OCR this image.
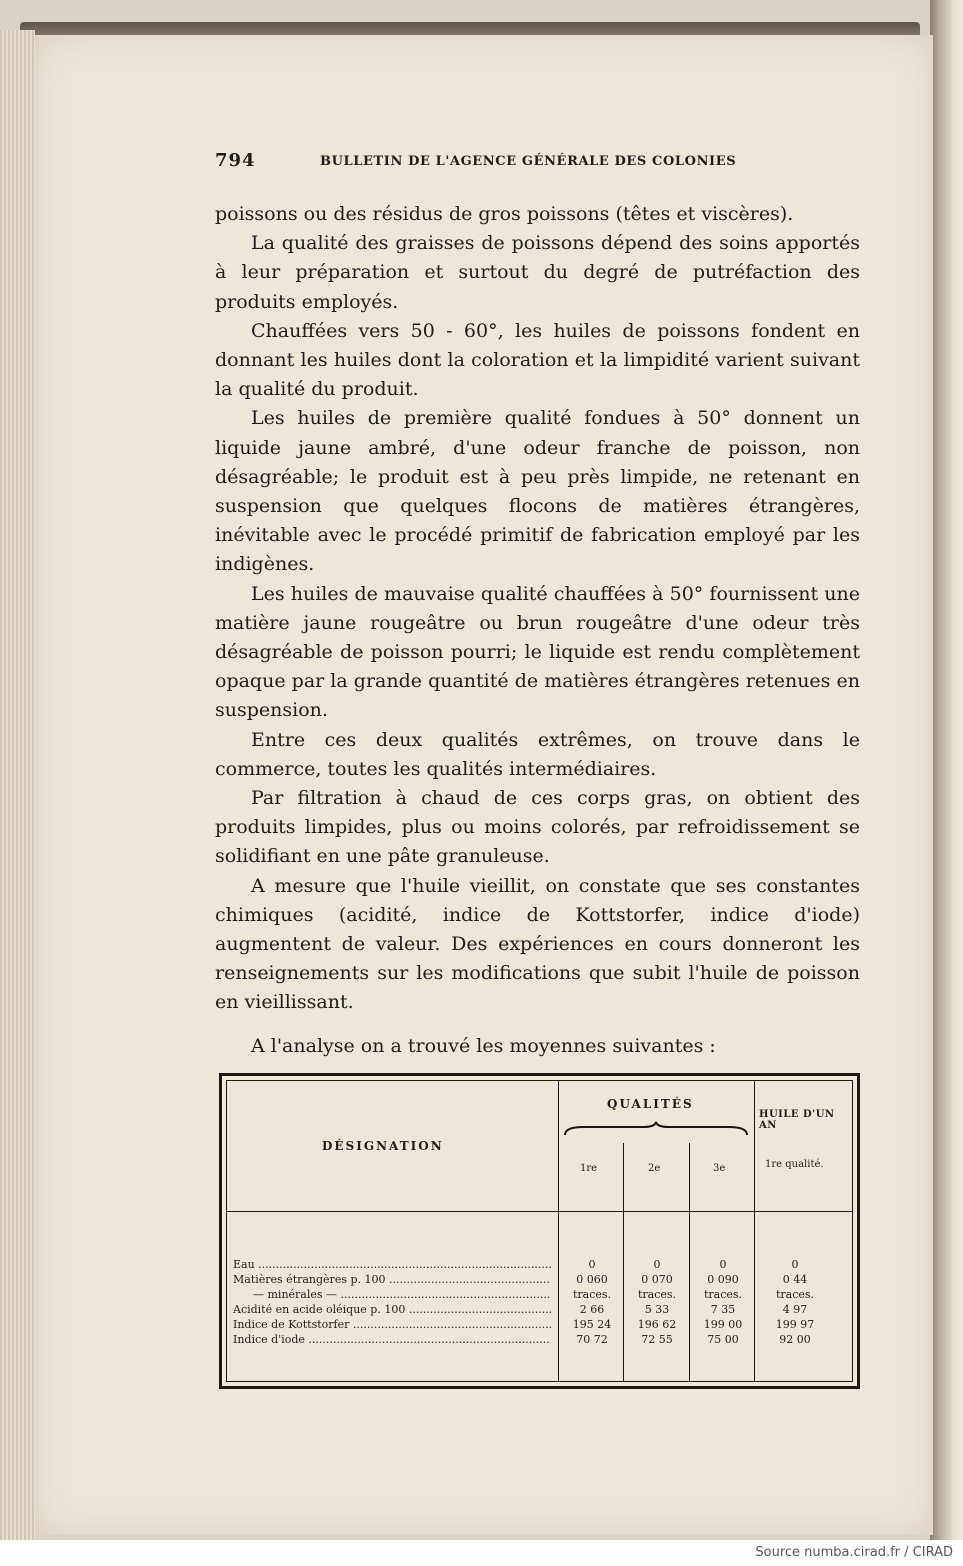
794	BULLETIN DE L'AGENCE GÉNÉRALE DES COLONIES

poissons ou des résidus de gros poissons (têtes et viscères).

La qualité des graisses de poissons dépend des soins apportés à leur préparation et surtout du degré de putréfaction des produits employés.

Chauffées vers 50 - 60°, les huiles de poissons fondent en donnant les huiles dont la coloration et la limpidité varient suivant la qualité du produit.

Les huiles de première qualité fondues à 50° donnent un liquide jaune ambré, d'une odeur franche de poisson, non désagréable; le produit est à peu près limpide, ne retenant en suspension que quelques flocons de matières étrangères, inévitable avec le procédé primitif de fabrication employé par les indigènes.

Les huiles de mauvaise qualité chauffées à 50° fournissent une matière jaune rougeâtre ou brun rougeâtre d'une odeur très désagréable de poisson pourri; le liquide est rendu complètement opaque par la grande quantité de matières étrangères retenues en suspension.

Entre ces deux qualités extrêmes, on trouve dans le commerce, toutes les qualités intermédiaires.

Par filtration à chaud de ces corps gras, on obtient des produits limpides, plus ou moins colorés, par refroidissement se solidifiant en une pâte granuleuse.

A mesure que l'huile vieillit, on constate que ses constantes chimiques (acidité, indice de Kottstorfer, indice d'iode) augmentent de valeur. Des expériences en cours donneront les renseignements sur les modifications que subit l'huile de poisson en vieillissant.

A l'analyse on a trouvé les moyennes suivantes :

DÉSIGNATION
QUALITÉS
HUILE D'UN AN
1re	2e	3e	1re qualité.
Eau .....	0	0	0	0
Matières étrangères p. 100 .....	0 060	0 070	0 090	0 44
— minérales — .....	traces.	traces.	traces.	traces.
Acidité en acide oléique p. 100 .....	2 66	5 33	7 35	4 97
Indice de Kottstorfer .....	195 24	196 62	199 00	199 97
Indice d'iode .....	70 72	72 55	75 00	92 00
Source numba.cirad.fr / CIRAD
